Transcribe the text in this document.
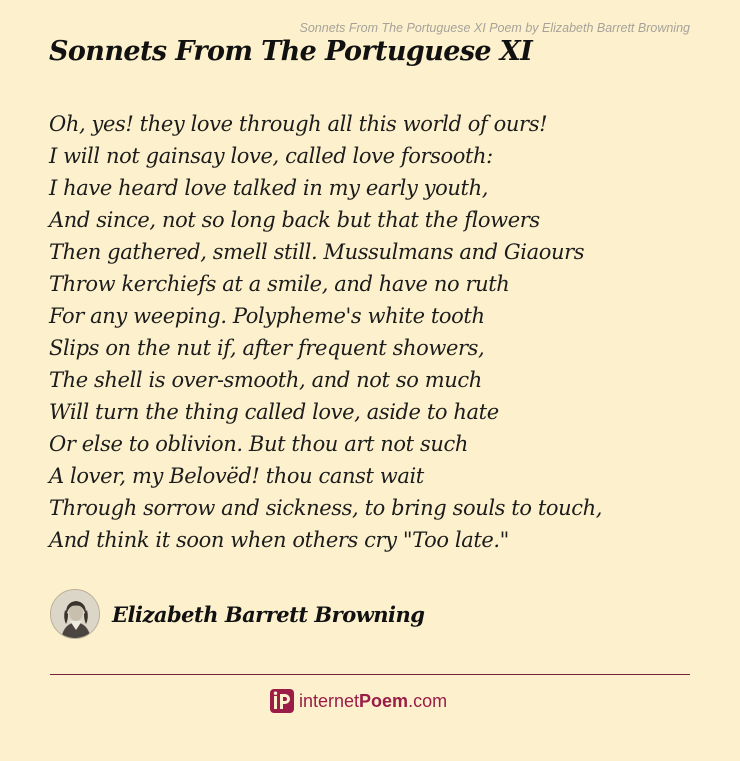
Sonnets From The Portuguese XI Poem by Elizabeth Barrett Browning
Sonnets From The Portuguese XI
Oh, yes! they love through all this world of ours!
I will not gainsay love, called love forsooth:
I have heard love talked in my early youth,
And since, not so long back but that the flowers
Then gathered, smell still. Mussulmans and Giaours
Throw kerchiefs at a smile, and have no ruth
For any weeping. Polypheme's white tooth
Slips on the nut if, after frequent showers,
The shell is over-smooth, and not so much
Will turn the thing called love, aside to hate
Or else to oblivion. But thou art not such
A lover, my Belovëd! thou canst wait
Through sorrow and sickness, to bring souls to touch,
And think it soon when others cry "Too late."
Elizabeth Barrett Browning
internetPoem.com
